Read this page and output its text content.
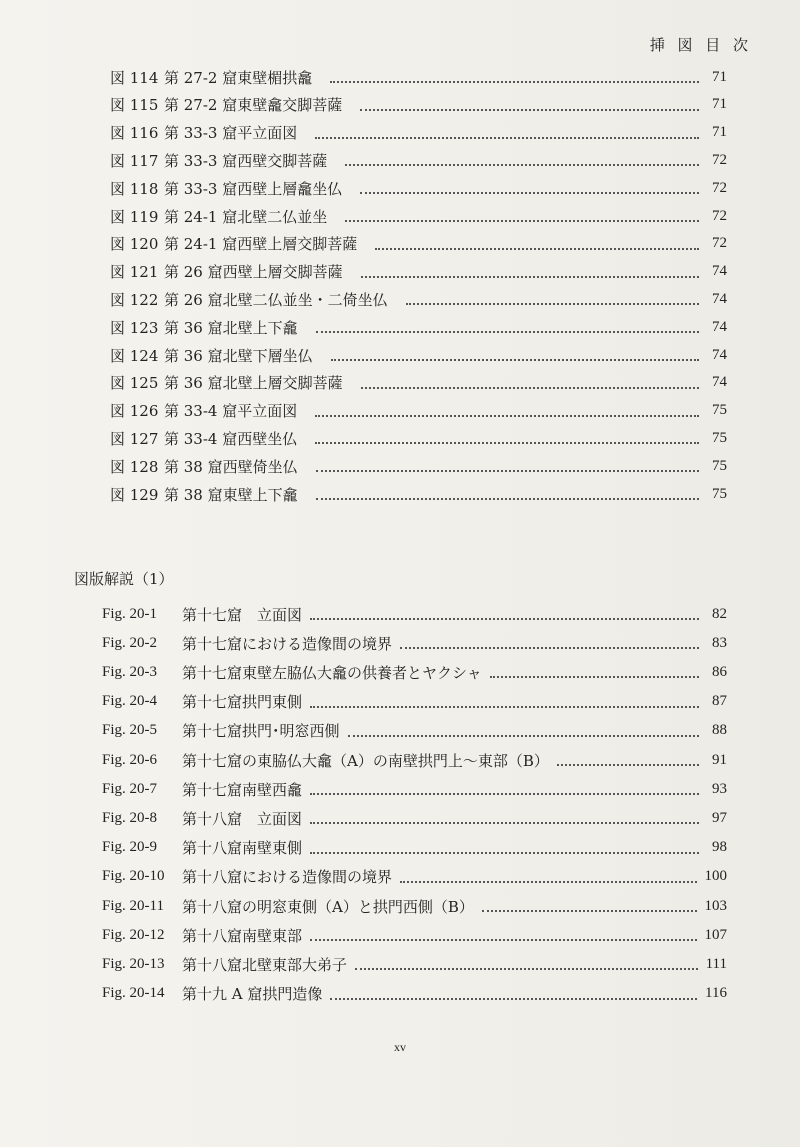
挿 図 目 次
図 114 第 27-2 窟東壁楣拱龕	71
図 115 第 27-2 窟東壁龕交脚菩薩	71
図 116 第 33-3 窟平立面図	71
図 117 第 33-3 窟西壁交脚菩薩	72
図 118 第 33-3 窟西壁上層龕坐仏	72
図 119 第 24-1 窟北壁二仏並坐	72
図 120 第 24-1 窟西壁上層交脚菩薩	72
図 121 第 26 窟西壁上層交脚菩薩	74
図 122 第 26 窟北壁二仏並坐・二倚坐仏	74
図 123 第 36 窟北壁上下龕	74
図 124 第 36 窟北壁下層坐仏	74
図 125 第 36 窟北壁上層交脚菩薩	74
図 126 第 33-4 窟平立面図	75
図 127 第 33-4 窟西壁坐仏	75
図 128 第 38 窟西壁倚坐仏	75
図 129 第 38 窟東壁上下龕	75
図版解説（1）
Fig. 20-1	第十七窟　立面図	82
Fig. 20-2	第十七窟における造像間の境界	83
Fig. 20-3	第十七窟東壁左脇仏大龕の供養者とヤクシャ	86
Fig. 20-4	第十七窟拱門東側	87
Fig. 20-5	第十七窟拱門･明窓西側	88
Fig. 20-6	第十七窟の東脇仏大龕（A）の南壁拱門上～東部（B）	91
Fig. 20-7	第十七窟南壁西龕	93
Fig. 20-8	第十八窟　立面図	97
Fig. 20-9	第十八窟南壁東側	98
Fig. 20-10	第十八窟における造像間の境界	100
Fig. 20-11	第十八窟の明窓東側（A）と拱門西側（B）	103
Fig. 20-12	第十八窟南壁東部	107
Fig. 20-13	第十八窟北壁東部大弟子	111
Fig. 20-14	第十九 A 窟拱門造像	116
xv
